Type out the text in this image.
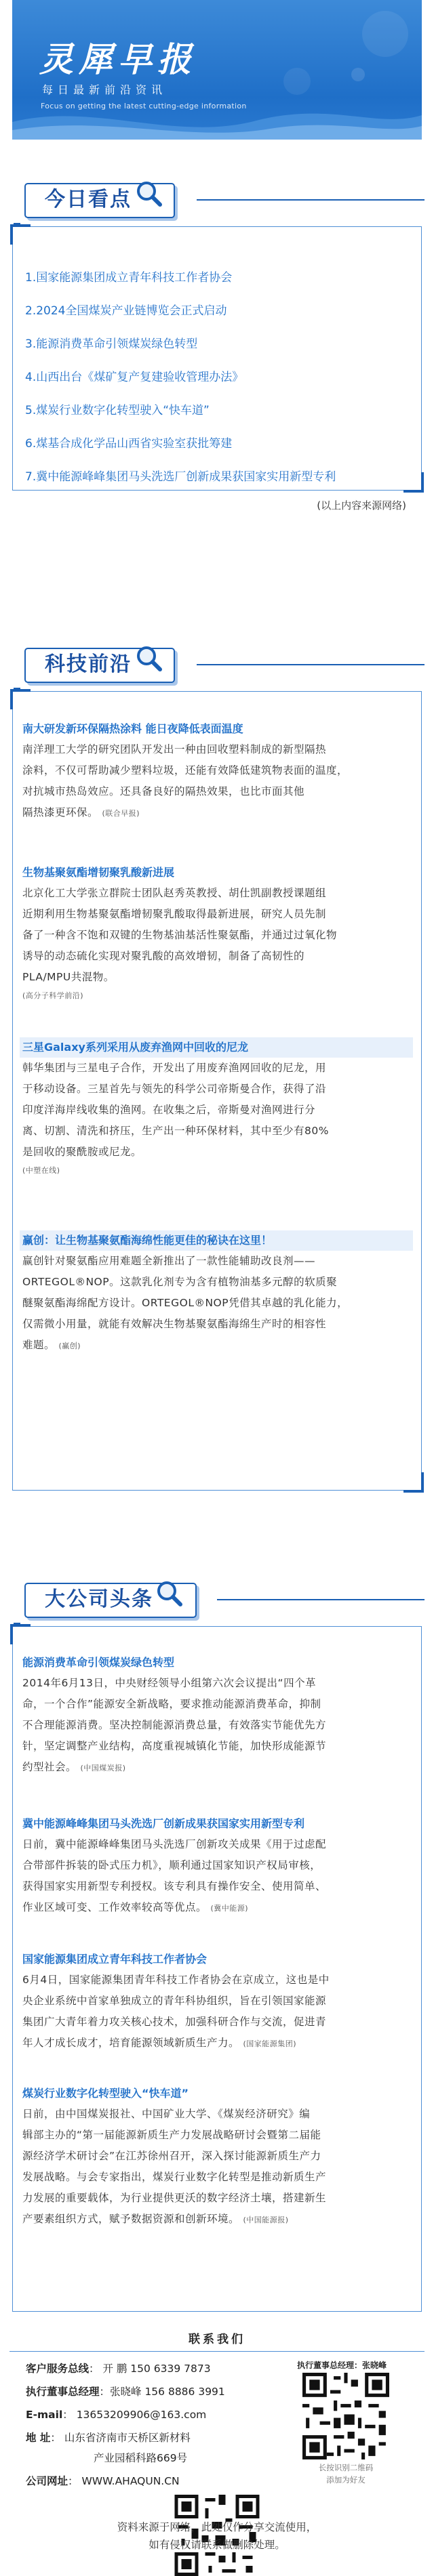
灵犀早报
每日最新前沿资讯
Focus on getting the latest cutting-edge information
今日看点
1.国家能源集团成立青年科技工作者协会
2.2024全国煤炭产业链博览会正式启动
3.能源消费革命引领煤炭绿色转型
4.山西出台《煤矿复产复建验收管理办法》
5.煤炭行业数字化转型驶入“快车道”
6.煤基合成化学品山西省实验室获批筹建
7.冀中能源峰峰集团马头洗选厂创新成果获国家实用新型专利
(以上内容来源网络)
科技前沿
南大研发新环保隔热涂料 能日夜降低表面温度

南洋理工大学的研究团队开发出一种由回收塑料制成的新型隔热

涂料，不仅可帮助减少塑料垃圾，还能有效降低建筑物表面的温度，

对抗城市热岛效应。还具备良好的隔热效果，也比市面其他

隔热漆更环保。 (联合早报)

生物基聚氨酯增韧聚乳酸新进展

北京化工大学张立群院士团队赵秀英教授、胡仕凯副教授课题组

近期利用生物基聚氨酯增韧聚乳酸取得最新进展，研究人员先制

备了一种含不饱和双键的生物基油基活性聚氨酯，并通过过氧化物

诱导的动态硫化实现对聚乳酸的高效增韧，制备了高韧性的

PLA/MPU共混物。

(高分子科学前沿)

三星Galaxy系列采用从废弃渔网中回收的尼龙

韩华集团与三星电子合作，开发出了用废弃渔网回收的尼龙，用

于移动设备。三星首先与领先的科学公司帝斯曼合作，获得了沿

印度洋海岸线收集的渔网。在收集之后，帝斯曼对渔网进行分

离、切割、清洗和挤压，生产出一种环保材料，其中至少有80%

是回收的聚酰胺或尼龙。

(中塑在线)

赢创：让生物基聚氨酯海绵性能更佳的秘诀在这里！

赢创针对聚氨酯应用难题全新推出了一款性能辅助改良剂——

ORTEGOL®NOP。这款乳化剂专为含有植物油基多元醇的软质聚

醚聚氨酯海绵配方设计。ORTEGOL®NOP凭借其卓越的乳化能力，

仅需微小用量，就能有效解决生物基聚氨酯海绵生产时的相容性

难题。 (赢创)

大公司头条
能源消费革命引领煤炭绿色转型

2014年6月13日，中央财经领导小组第六次会议提出“四个革

命，一个合作”能源安全新战略，要求推动能源消费革命，抑制

不合理能源消费。坚决控制能源消费总量，有效落实节能优先方

针，坚定调整产业结构，高度重视城镇化节能，加快形成能源节

约型社会。 (中国煤炭报)

冀中能源峰峰集团马头洗选厂创新成果获国家实用新型专利

日前，冀中能源峰峰集团马头洗选厂创新攻关成果《用于过虑配

合带部件拆装的卧式压力机》，顺利通过国家知识产权局审核，

获得国家实用新型专利授权。该专利具有操作安全、使用简单、

作业区域可变、工作效率较高等优点。 (冀中能源)

国家能源集团成立青年科技工作者协会

6月4日，国家能源集团青年科技工作者协会在京成立，这也是中

央企业系统中首家单独成立的青年科协组织，旨在引领国家能源

集团广大青年着力攻关核心技术，加强科研合作与交流，促进青

年人才成长成才，培育能源领域新质生产力。 (国家能源集团)

煤炭行业数字化转型驶入“快车道”

日前，由中国煤炭报社、中国矿业大学、《煤炭经济研究》编

辑部主办的“第一届能源新质生产力发展战略研讨会暨第二届能

源经济学术研讨会”在江苏徐州召开，深入探讨能源新质生产力

发展战略。与会专家指出，煤炭行业数字化转型是推动新质生产

力发展的重要载体，为行业提供更沃的数字经济土壤，搭建新生

产要素组织方式，赋予数据资源和创新环境。 (中国能源报)

联系我们
客户服务总线： 开 鹏 150 6339 7873
执行董事总经理：张晓峰 156 8886 3991
E-mail： 13653209906@163.com
地 址： 山东省济南市天桥区新材料
产业园稻科路669号
公司网址： WWW.AHAQUN.CN
执行董事总经理：张晓峰
长按识别二维码
添加为好友
资料来源于网络，此处仅作分享交流使用，
如有侵权请联系做删除处理。
